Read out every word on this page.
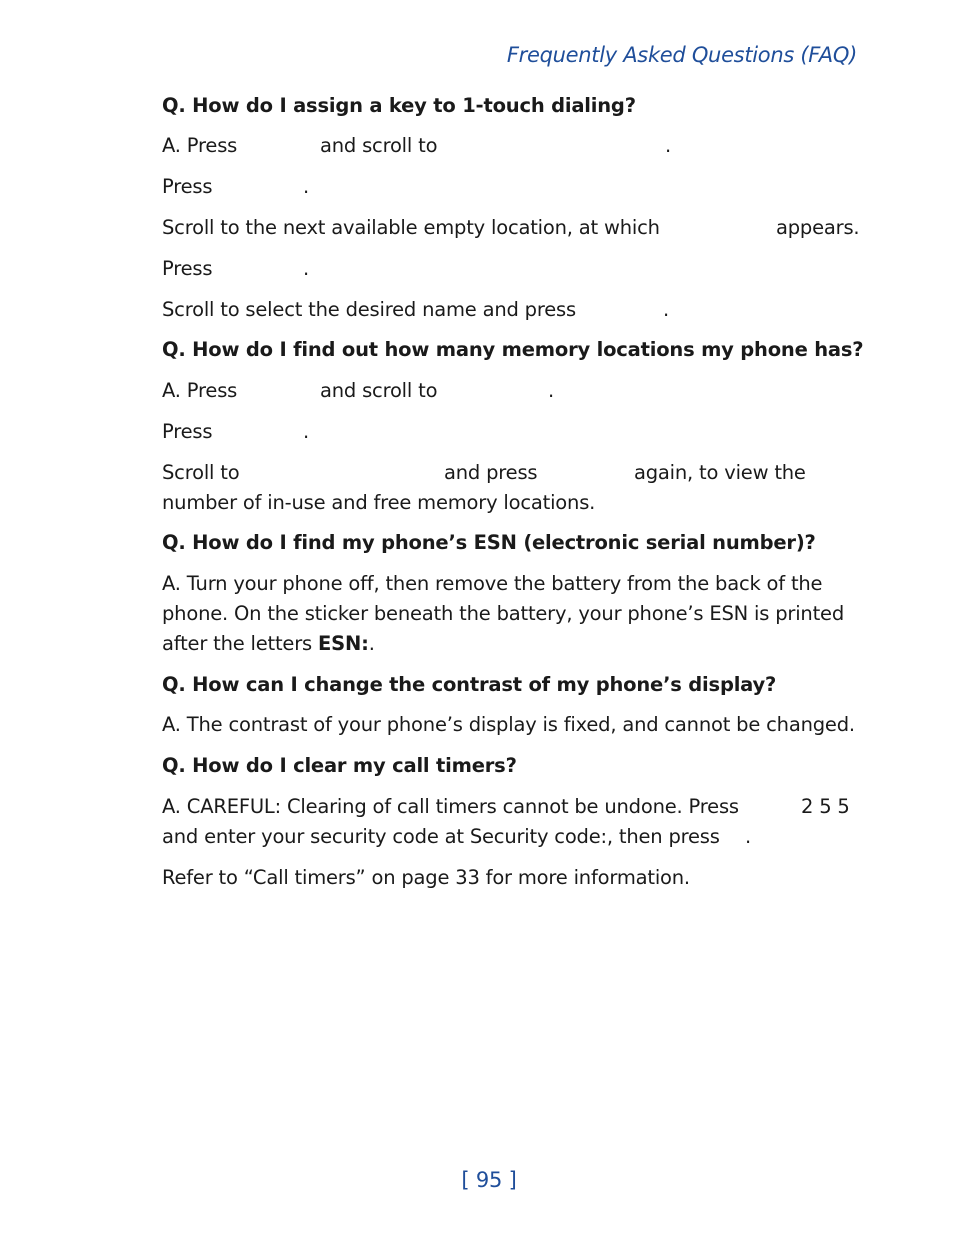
Frequently Asked Questions (FAQ)
Q. How do I assign a key to 1-touch dialing?
A. Press	and scroll to	.
Press	.
Scroll to the next available empty location, at which	appears.
Press	.
Scroll to select the desired name and press	.
Q. How do I find out how many memory locations my phone has?
A. Press	and scroll to	.
Press	.
Scroll to	and press	again, to view the
number of in-use and free memory locations.
Q. How do I find my phone’s ESN (electronic serial number)?
A. Turn your phone off, then remove the battery from the back of the
phone. On the sticker beneath the battery, your phone’s ESN is printed
after the letters ESN:.
Q. How can I change the contrast of my phone’s display?
A. The contrast of your phone’s display is fixed, and cannot be changed.
Q. How do I clear my call timers?
A. CAREFUL: Clearing of call timers cannot be undone. Press	2 5 5
and enter your security code at Security code:, then press .
Refer to “Call timers” on page 33 for more information.
[ 95 ]
